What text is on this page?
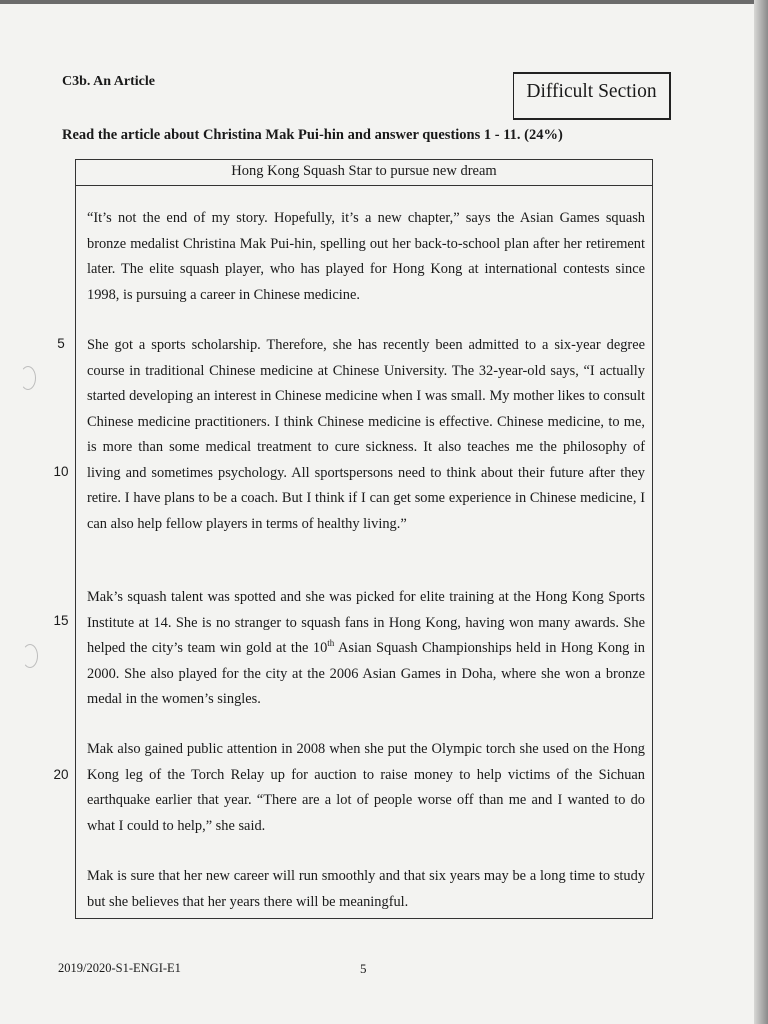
C3b. An Article	Difficult Section
Read the article about Christina Mak Pui-hin and answer questions 1 - 11. (24%)
Hong Kong Squash Star to pursue new dream

“It’s not the end of my story. Hopefully, it’s a new chapter,” says the Asian Games squash bronze medalist Christina Mak Pui-hin, spelling out her back-to-school plan after her retirement later. The elite squash player, who has played for Hong Kong at international contests since 1998, is pursuing a career in Chinese medicine.

She got a sports scholarship. Therefore, she has recently been admitted to a six-year degree course in traditional Chinese medicine at Chinese University. The 32-year-old says, “I actually started developing an interest in Chinese medicine when I was small. My mother likes to consult Chinese medicine practitioners. I think Chinese medicine is effective. Chinese medicine, to me, is more than some medical treatment to cure sickness. It also teaches me the philosophy of living and sometimes psychology. All sportspersons need to think about their future after they retire. I have plans to be a coach. But I think if I can get some experience in Chinese medicine, I can also help fellow players in terms of healthy living.”

Mak’s squash talent was spotted and she was picked for elite training at the Hong Kong Sports Institute at 14. She is no stranger to squash fans in Hong Kong, having won many awards. She helped the city’s team win gold at the 10th Asian Squash Championships held in Hong Kong in 2000. She also played for the city at the 2006 Asian Games in Doha, where she won a bronze medal in the women’s singles.

Mak also gained public attention in 2008 when she put the Olympic torch she used on the Hong Kong leg of the Torch Relay up for auction to raise money to help victims of the Sichuan earthquake earlier that year. “There are a lot of people worse off than me and I wanted to do what I could to help,” she said.

Mak is sure that her new career will run smoothly and that six years may be a long time to study but she believes that her years there will be meaningful.

5
10
15
20
2019/2020-S1-ENGI-E1	5
